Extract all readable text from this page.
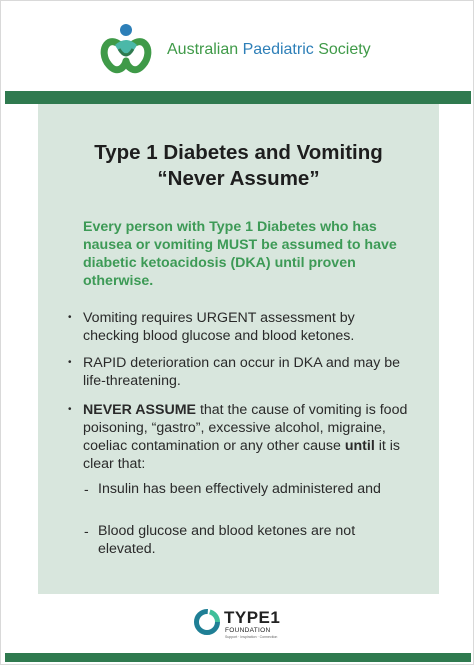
Australian Paediatric Society
Type 1 Diabetes and Vomiting
“Never Assume”

Every person with Type 1 Diabetes who has nausea or vomiting MUST be assumed to have diabetic ketoacidosis (DKA) until proven otherwise.

• Vomiting requires URGENT assessment by checking blood glucose and blood ketones.

• RAPID deterioration can occur in DKA and may be life-threatening.

• NEVER ASSUME that the cause of vomiting is food poisoning, “gastro”, excessive alcohol, migraine, coeliac contamination or any other cause until it is clear that:

- Insulin has been effectively administered and

- Blood glucose and blood ketones are not elevated.

TYPE1
FOUNDATION
Support · Inspiration · Connection
